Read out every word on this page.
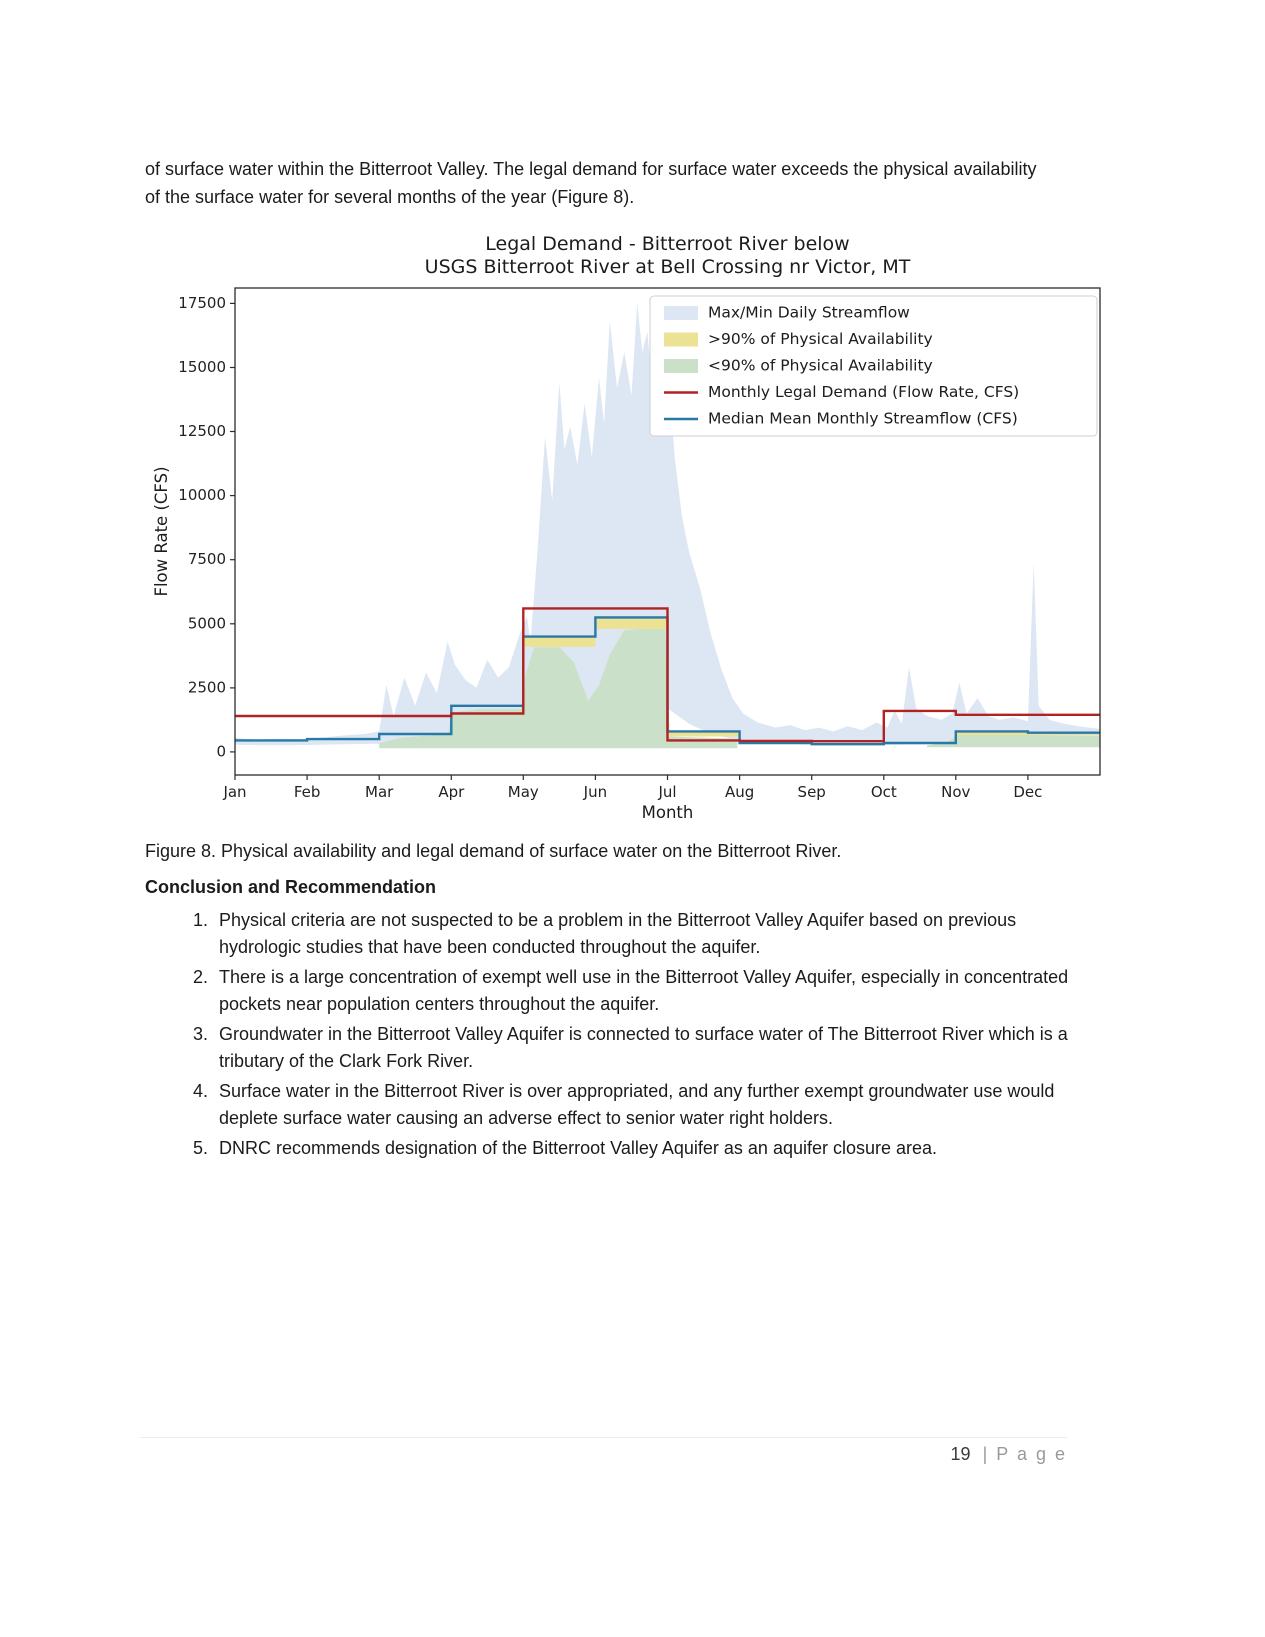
of surface water within the Bitterroot Valley. The legal demand for surface water exceeds the physical availability of the surface water for several months of the year (Figure 8).

Legal Demand - Bitterroot River below
USGS Bitterroot River at Bell Crossing nr Victor, MT
0
2500
5000
7500
10000
12500
15000
17500
Jan	Feb	Mar	Apr	May	Jun	Jul	Aug	Sep	Oct	Nov	Dec
Month
Flow Rate (CFS)
Max/Min Daily Streamflow
>90% of Physical Availability
<90% of Physical Availability
Monthly Legal Demand (Flow Rate, CFS)
Median Mean Monthly Streamflow (CFS)

Figure 8. Physical availability and legal demand of surface water on the Bitterroot River.

Conclusion and Recommendation
1. Physical criteria are not suspected to be a problem in the Bitterroot Valley Aquifer based on previous hydrologic studies that have been conducted throughout the aquifer.
2. There is a large concentration of exempt well use in the Bitterroot Valley Aquifer, especially in concentrated pockets near population centers throughout the aquifer.
3. Groundwater in the Bitterroot Valley Aquifer is connected to surface water of The Bitterroot River which is a tributary of the Clark Fork River.
4. Surface water in the Bitterroot River is over appropriated, and any further exempt groundwater use would deplete surface water causing an adverse effect to senior water right holders.
5. DNRC recommends designation of the Bitterroot Valley Aquifer as an aquifer closure area.
19 | P a g e
